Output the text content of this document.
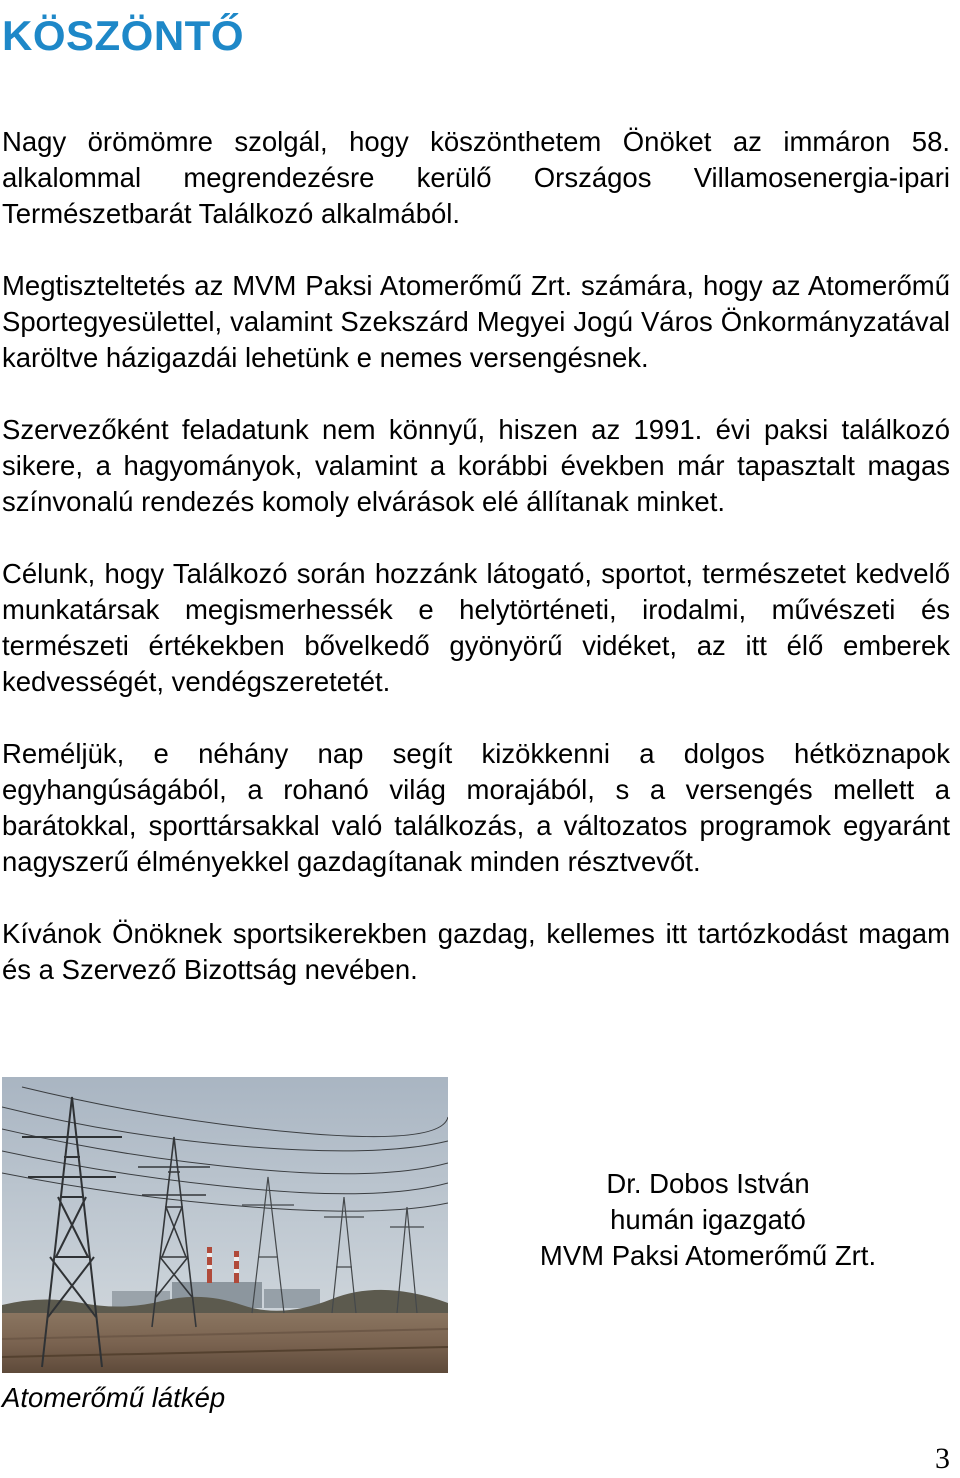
KÖSZÖNTŐ

Nagy örömömre szolgál, hogy köszönthetem Önöket az immáron 58. alkalommal megrendezésre kerülő Országos Villamosenergia-ipari Természetbarát Találkozó alkalmából.

Megtiszteltetés az MVM Paksi Atomerőmű Zrt. számára, hogy az Atomerőmű Sportegyesülettel, valamint Szekszárd Megyei Jogú Város Önkormányzatával karöltve házigazdái lehetünk e nemes versengésnek.

Szervezőként feladatunk nem könnyű, hiszen az 1991. évi paksi találkozó sikere, a hagyományok, valamint a korábbi években már tapasztalt magas színvonalú rendezés komoly elvárások elé állítanak minket.

Célunk, hogy Találkozó során hozzánk látogató, sportot, természetet kedvelő munkatársak megismerhessék e helytörténeti, irodalmi, művészeti és természeti értékekben bővelkedő gyönyörű vidéket, az itt élő emberek kedvességét, vendégszeretetét.

Reméljük, e néhány nap segít kizökkenni a dolgos hétköznapok egyhangúságából, a rohanó világ morajából, s a versengés mellett a barátokkal, sporttársakkal való találkozás, a változatos programok egyaránt nagyszerű élményekkel gazdagítanak minden résztvevőt.

Kívánok Önöknek sportsikerekben gazdag, kellemes itt tartózkodást magam és a Szervező Bizottság nevében.

Atomerőmű látkép

Dr. Dobos István
humán igazgató
MVM Paksi Atomerőmű Zrt.
3
